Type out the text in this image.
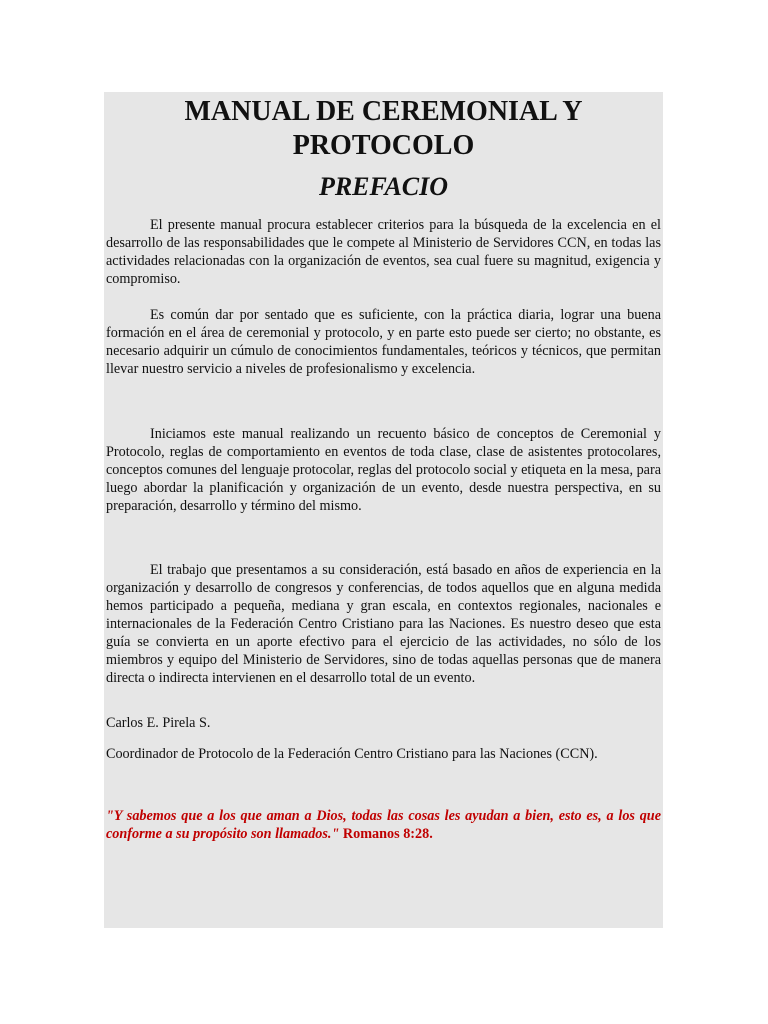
MANUAL DE CEREMONIAL Y PROTOCOLO
PREFACIO

El presente manual procura establecer criterios para la búsqueda de la excelencia en el desarrollo de las responsabilidades que le compete al Ministerio de Servidores CCN, en todas las actividades relacionadas con la organización de eventos, sea cual fuere su magnitud, exigencia y compromiso.

Es común dar por sentado que es suficiente, con la práctica diaria, lograr una buena formación en el área de ceremonial y protocolo, y en parte esto puede ser cierto; no obstante, es necesario adquirir un cúmulo de conocimientos fundamentales, teóricos y técnicos, que permitan llevar nuestro servicio a niveles de profesionalismo y excelencia.

Iniciamos este manual realizando un recuento básico de conceptos de Ceremonial y Protocolo, reglas de comportamiento en eventos de toda clase, clase de asistentes protocolares, conceptos comunes del lenguaje protocolar, reglas del protocolo social y etiqueta en la mesa, para luego abordar la planificación y organización de un evento, desde nuestra perspectiva, en su preparación, desarrollo y término del mismo.

El trabajo que presentamos a su consideración, está basado en años de experiencia en la organización y desarrollo de congresos y conferencias, de todos aquellos que en alguna medida hemos participado a pequeña, mediana y gran escala, en contextos regionales, nacionales e internacionales de la Federación Centro Cristiano para las Naciones. Es nuestro deseo que esta guía se convierta en un aporte efectivo para el ejercicio de las actividades, no sólo de los miembros y equipo del Ministerio de Servidores, sino de todas aquellas personas que de manera directa o indirecta intervienen en el desarrollo total de un evento.

Carlos E. Pirela S.

Coordinador de Protocolo de la Federación Centro Cristiano para las Naciones (CCN).

"Y sabemos que a los que aman a Dios, todas las cosas les ayudan a bien, esto es, a los que conforme a su propósito son llamados." Romanos 8:28.
